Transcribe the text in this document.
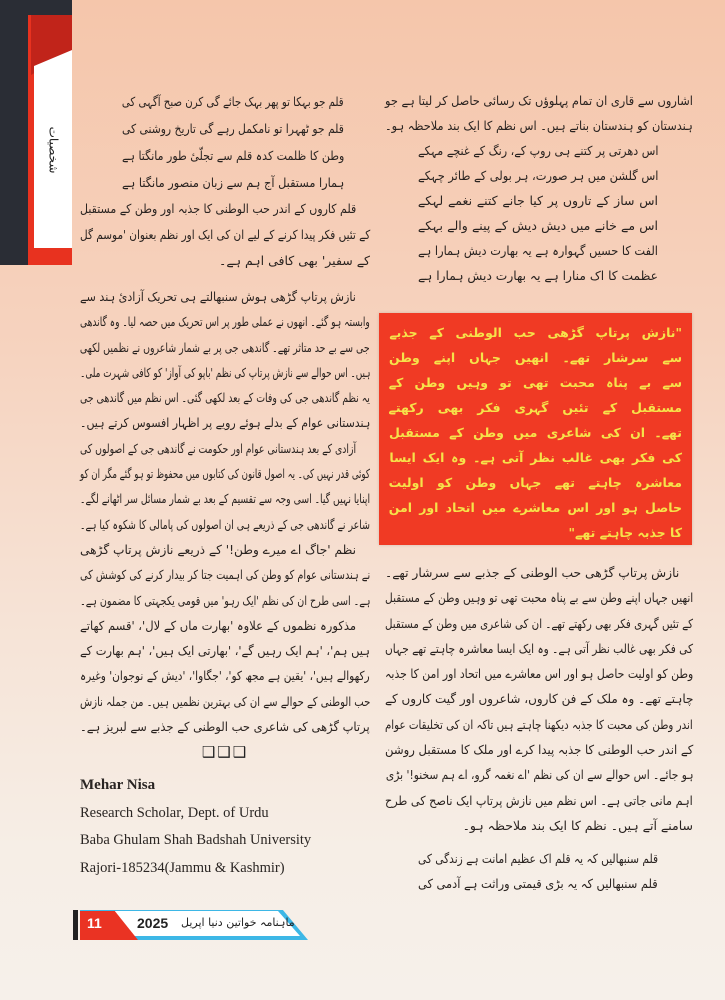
شخصیات
قلم جو بہکا تو پھر بہک جائے گی کرن صبح آگہی کی
قلم جو ٹھہرا تو نامکمل رہے گی تاریخ روشنی کی
وطن کا ظلمت کدہ قلم سے تجلّیٔ طور مانگتا ہے
ہمارا مستقبل آج ہم سے زبان منصور مانگتا ہے
قلم کاروں کے اندر حب الوطنی کا جذبہ اور وطن کے مستقبل
کے تئیں فکر پیدا کرنے کے لیے ان کی ایک اور نظم بعنوان 'موسم گل
کے سفیر' بھی کافی اہم ہے۔
نازش پرتاپ گڑھی ہوش سنبھالتے ہی تحریک آزادیٔ ہند سے
وابستہ ہو گئے۔ انھوں نے عملی طور پر اس تحریک میں حصہ لیا۔ وہ گاندھی
جی سے بے حد متاثر تھے۔ گاندھی جی پر بے شمار شاعروں نے نظمیں لکھی
ہیں۔ اس حوالے سے نازش پرتاپ کی نظم 'باپو کی آواز' کو کافی شہرت ملی۔
یہ نظم گاندھی جی کی وفات کے بعد لکھی گئی۔ اس نظم میں گاندھی جی
ہندستانی عوام کے بدلے ہوئے رویے پر اظہار افسوس کرتے ہیں۔
آزادی کے بعد ہندستانی عوام اور حکومت نے گاندھی جی کے اصولوں کی
کوئی قدر نہیں کی۔ یہ اصول قانون کی کتابوں میں محفوظ تو ہو گئے مگر ان کو
اپنایا نہیں گیا۔ اسی وجہ سے تقسیم کے بعد بے شمار مسائل سر اٹھانے لگے۔
شاعر نے گاندھی جی کے ذریعے ہی ان اصولوں کی پامالی کا شکوہ کیا ہے۔
نظم 'جاگ اے میرے وطن!' کے ذریعے نازش پرتاپ گڑھی
نے ہندستانی عوام کو وطن کی اہمیت جتا کر بیدار کرنے کی کوشش کی
ہے۔ اسی طرح ان کی نظم 'ایک رہو' میں قومی یکجہتی کا مضمون ہے۔
مذکورہ نظموں کے علاوہ 'بھارت ماں کے لال'، 'قسم کھاتے
ہیں ہم'، 'ہم ایک رہیں گے'، 'بھارتی ایک ہیں'، 'ہم بھارت کے
رکھوالے ہیں'، 'یقین ہے مجھ کو'، 'جگاوا'، 'دیش کے نوجوان' وغیرہ
حب الوطنی کے حوالے سے ان کی بہترین نظمیں ہیں۔ من جملہ نازش
پرتاپ گڑھی کی شاعری حب الوطنی کے جذبے سے لبریز ہے۔
❑❑❑
Mehar Nisa
Research Scholar, Dept. of Urdu
Baba Ghulam Shah Badshah University
Rajori-185234(Jammu & Kashmir)
اشاروں سے قاری ان تمام پہلوؤں تک رسائی حاصل کر لیتا ہے جو
ہندستان کو ہندستان بناتے ہیں۔ اس نظم کا ایک بند ملاحظہ ہو۔
اس دھرتی پر کتنے ہی روپ کے، رنگ کے غنچے مہکے
اس گلشن میں ہر صورت، ہر بولی کے طائر چہکے
اس ساز کے تاروں پر کیا جانے کتنے نغمے لہکے
اس مے خانے میں دیش دیش کے پینے والے بہکے
الفت کا حسیں گہوارہ ہے یہ بھارت دیش ہمارا ہے
عظمت کا اک منارا ہے یہ بھارت دیش ہمارا ہے
"نازش پرتاپ گڑھی حب الوطنی کے جذبے
سے سرشار تھے۔ انھیں جہاں اپنے وطن
سے بے پناہ محبت تھی تو وہیں وطن کے
مستقبل کے تئیں گہری فکر بھی رکھتے
تھے۔ ان کی شاعری میں وطن کے مستقبل
کی فکر بھی غالب نظر آتی ہے۔ وہ ایک ایسا
معاشرہ چاہتے تھے جہاں وطن کو اولیت
حاصل ہو اور اس معاشرے میں اتحاد اور امن
کا جذبہ چاہتے تھے"
نازش پرتاپ گڑھی حب الوطنی کے جذبے سے سرشار تھے۔
انھیں جہاں اپنے وطن سے بے پناہ محبت تھی تو وہیں وطن کے مستقبل
کے تئیں گہری فکر بھی رکھتے تھے۔ ان کی شاعری میں وطن کے مستقبل
کی فکر بھی غالب نظر آتی ہے۔ وہ ایک ایسا معاشرہ چاہتے تھے جہاں
وطن کو اولیت حاصل ہو اور اس معاشرے میں اتحاد اور امن کا جذبہ
چاہتے تھے۔ وہ ملک کے فن کاروں، شاعروں اور گیت کاروں کے
اندر وطن کی محبت کا جذبہ دیکھنا چاہتے ہیں تاکہ ان کی تخلیقات عوام
کے اندر حب الوطنی کا جذبہ پیدا کرے اور ملک کا مستقبل روشن
ہو جائے۔ اس حوالے سے ان کی نظم 'اے نغمہ گرو، اے ہم سخنو!' بڑی
اہم مانی جاتی ہے۔ اس نظم میں نازش پرتاپ ایک ناصح کی طرح
سامنے آتے ہیں۔ نظم کا ایک بند ملاحظہ ہو۔
قلم سنبھالیں کہ یہ قلم اک عظیم امانت ہے زندگی کی
قلم سنبھالیں کہ یہ بڑی قیمتی وراثت ہے آدمی کی
11	2025 ماہنامہ خواتین دنیا اپریل
